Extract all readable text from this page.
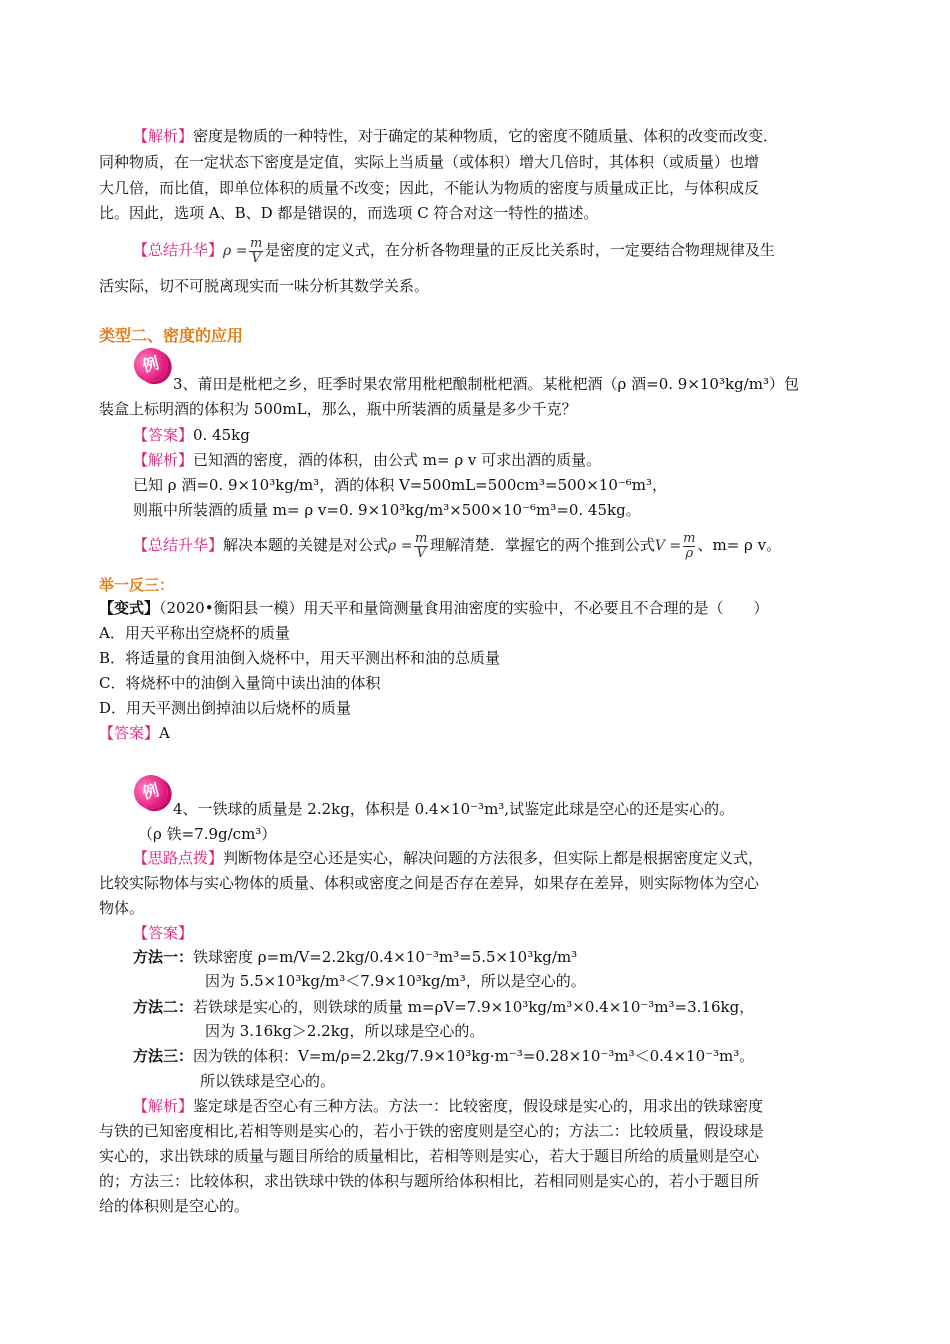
【解析】密度是物质的一种特性，对于确定的某种物质，它的密度不随质量、体积的改变而改变．
同种物质，在一定状态下密度是定值，实际上当质量（或体积）增大几倍时，其体积（或质量）也增
大几倍，而比值，即单位体积的质量不改变；因此，不能认为物质的密度与质量成正比，与体积成反
比。因此，选项 A、B、D 都是错误的，而选项 C 符合对这一特性的描述。
【总结升华】$\rho = \frac{m}{V}$ 是密度的定义式，在分析各物理量的正反比关系时，一定要结合物理规律及生
活实际，切不可脱离现实而一味分析其数学关系。
类型二、密度的应用
例
3、莆田是枇杷之乡，旺季时果农常用枇杷酿制枇杷酒。某枇杷酒（ρ 酒=0. 9×10³kg/m³）包
装盒上标明酒的体积为 500mL，那么，瓶中所装酒的质量是多少千克？
【答案】0. 45kg
【解析】已知酒的密度，酒的体积，由公式 m= ρ v 可求出酒的质量。
已知 ρ 酒=0. 9×10³kg/m³，酒的体积 V=500mL=500cm³=500×10⁻⁶m³，
则瓶中所装酒的质量 m= ρ v=0. 9×10³kg/m³×500×10⁻⁶m³=0. 45kg。
【总结升华】解决本题的关键是对公式$\rho = \frac{m}{V}$ 理解清楚．掌握它的两个推到公式$V = \frac{m}{\rho}$ 、m= ρ v。
举一反三：
【变式】（2020•衡阳县一模）用天平和量筒测量食用油密度的实验中，不必要且不合理的是（　　）
A．用天平称出空烧杯的质量
B．将适量的食用油倒入烧杯中，用天平测出杯和油的总质量
C．将烧杯中的油倒入量筒中读出油的体积
D．用天平测出倒掉油以后烧杯的质量
【答案】A
例
4、一铁球的质量是 2.2kg，体积是 0.4×10⁻³m³,试鉴定此球是空心的还是实心的。
（ρ 铁=7.9g/cm³）
【思路点拨】判断物体是空心还是实心，解决问题的方法很多，但实际上都是根据密度定义式，
比较实际物体与实心物体的质量、体积或密度之间是否存在差异，如果存在差异，则实际物体为空心
物体。
【答案】
方法一：铁球密度 ρ=m/V=2.2kg/0.4×10⁻³m³=5.5×10³kg/m³
因为 5.5×10³kg/m³＜7.9×10³kg/m³，所以是空心的。
方法二：若铁球是实心的，则铁球的质量 m=ρV=7.9×10³kg/m³×0.4×10⁻³m³=3.16kg，
因为 3.16kg＞2.2kg，所以球是空心的。
方法三：因为铁的体积：V=m/ρ=2.2kg/7.9×10³kg·m⁻³=0.28×10⁻³m³＜0.4×10⁻³m³。
所以铁球是空心的。
【解析】鉴定球是否空心有三种方法。方法一：比较密度，假设球是实心的，用求出的铁球密度
与铁的已知密度相比,若相等则是实心的，若小于铁的密度则是空心的；方法二：比较质量，假设球是
实心的，求出铁球的质量与题目所给的质量相比，若相等则是实心，若大于题目所给的质量则是空心
的；方法三：比较体积，求出铁球中铁的体积与题所给体积相比，若相同则是实心的，若小于题目所
给的体积则是空心的。
